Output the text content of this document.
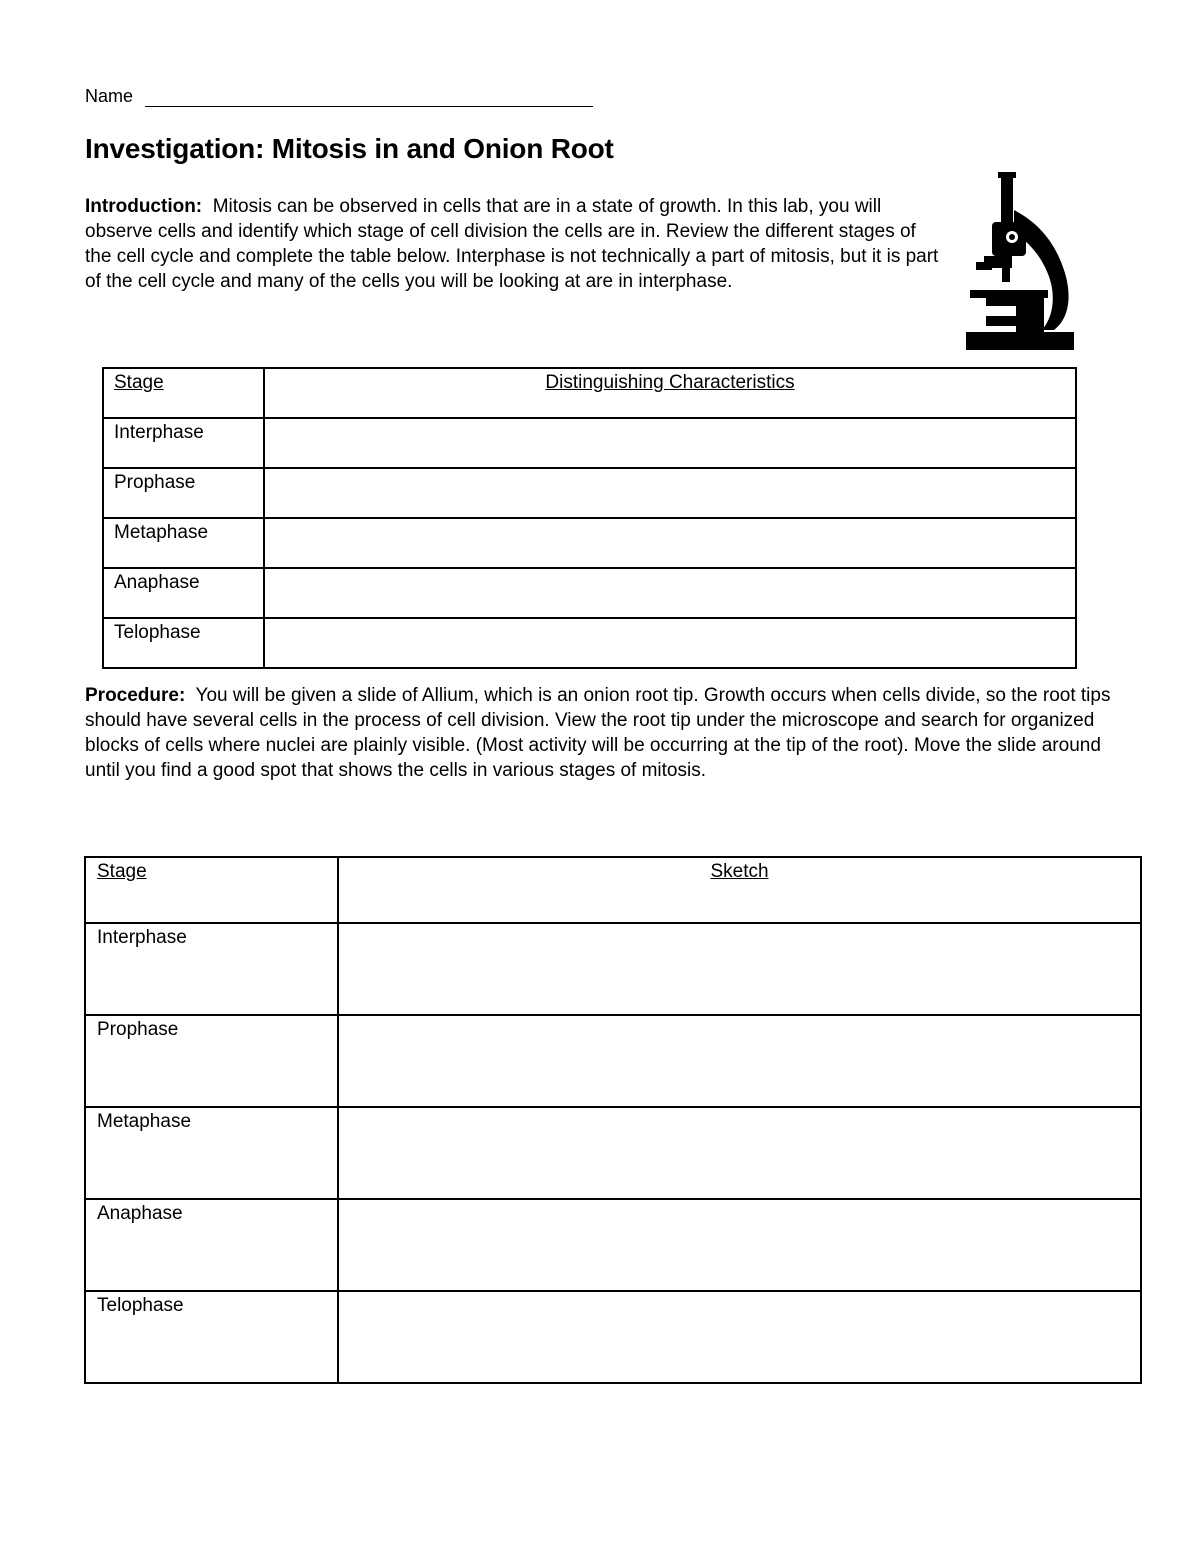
Name
Investigation: Mitosis in and Onion Root

Introduction: Mitosis can be observed in cells that are in a state of growth. In this lab, you will observe cells and identify which stage of cell division the cells are in. Review the different stages of the cell cycle and complete the table below. Interphase is not technically a part of mitosis, but it is part of the cell cycle and many of the cells you will be looking at are in interphase.

Stage	Distinguishing Characteristics
Interphase	
Prophase	
Metaphase	
Anaphase	
Telophase	

Procedure: You will be given a slide of Allium, which is an onion root tip. Growth occurs when cells divide, so the root tips should have several cells in the process of cell division. View the root tip under the microscope and search for organized blocks of cells where nuclei are plainly visible. (Most activity will be occurring at the tip of the root). Move the slide around until you find a good spot that shows the cells in various stages of mitosis.

Stage	Sketch
Interphase	
Prophase	
Metaphase	
Anaphase	
Telophase	
